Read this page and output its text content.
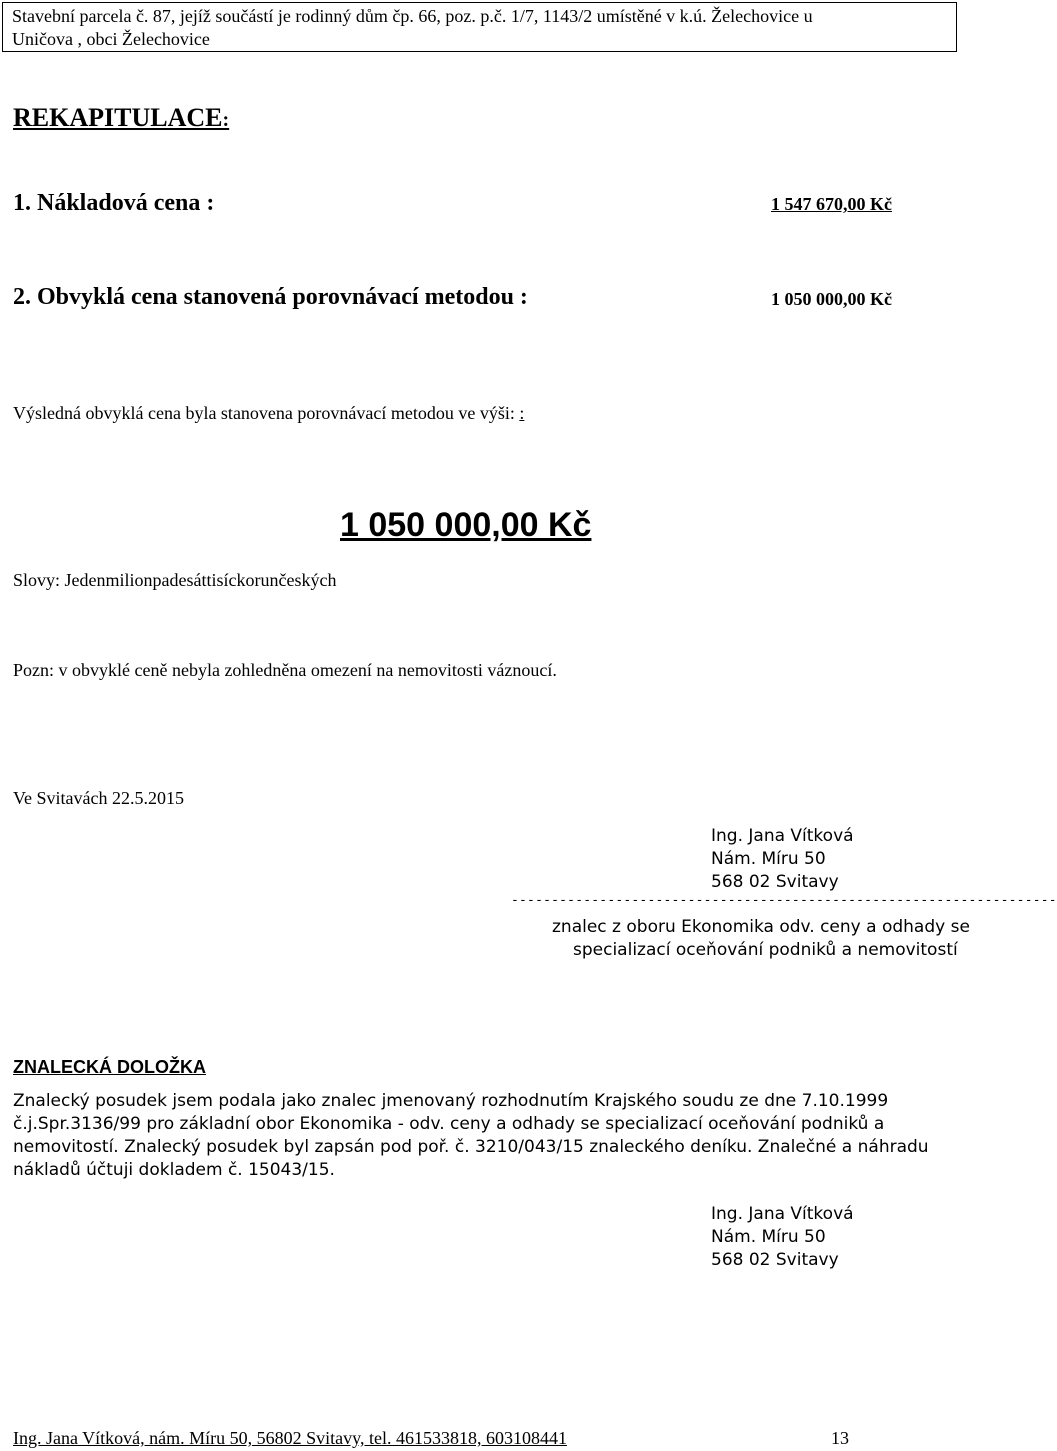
Stavební parcela č. 87, jejíž součástí je rodinný dům čp. 66, poz. p.č. 1/7, 1143/2 umístěné v k.ú. Želechovice u
Uničova , obci Želechovice
REKAPITULACE:
1. Nákladová cena :	1 547 670,00 Kč
2. Obvyklá cena stanovená porovnávací metodou :	1 050 000,00 Kč
Výsledná obvyklá cena byla stanovena porovnávací metodou ve výši: :
1 050 000,00 Kč
Slovy: Jedenmilionpadesáttisíckorunčeských
Pozn: v obvyklé ceně nebyla zohledněna omezení na nemovitosti váznoucí.
Ve Svitavách 22.5.2015
Ing. Jana Vítková
Nám. Míru 50
568 02 Svitavy
--------------------------------------------------------------------
znalec z oboru Ekonomika odv. ceny a odhady se
specializací oceňování podniků a nemovitostí
ZNALECKÁ DOLOŽKA
Znalecký posudek jsem podala jako znalec jmenovaný rozhodnutím Krajského soudu ze dne 7.10.1999 č.j.Spr.3136/99 pro základní obor Ekonomika - odv. ceny a odhady se specializací oceňování podniků a nemovitostí. Znalecký posudek byl zapsán pod poř. č. 3210/043/15 znaleckého deníku. Znalečné a náhradu nákladů účtuji dokladem č. 15043/15.
Ing. Jana Vítková
Nám. Míru 50
568 02 Svitavy
Ing. Jana Vítková, nám. Míru 50, 56802 Svitavy, tel. 461533818, 603108441	13
